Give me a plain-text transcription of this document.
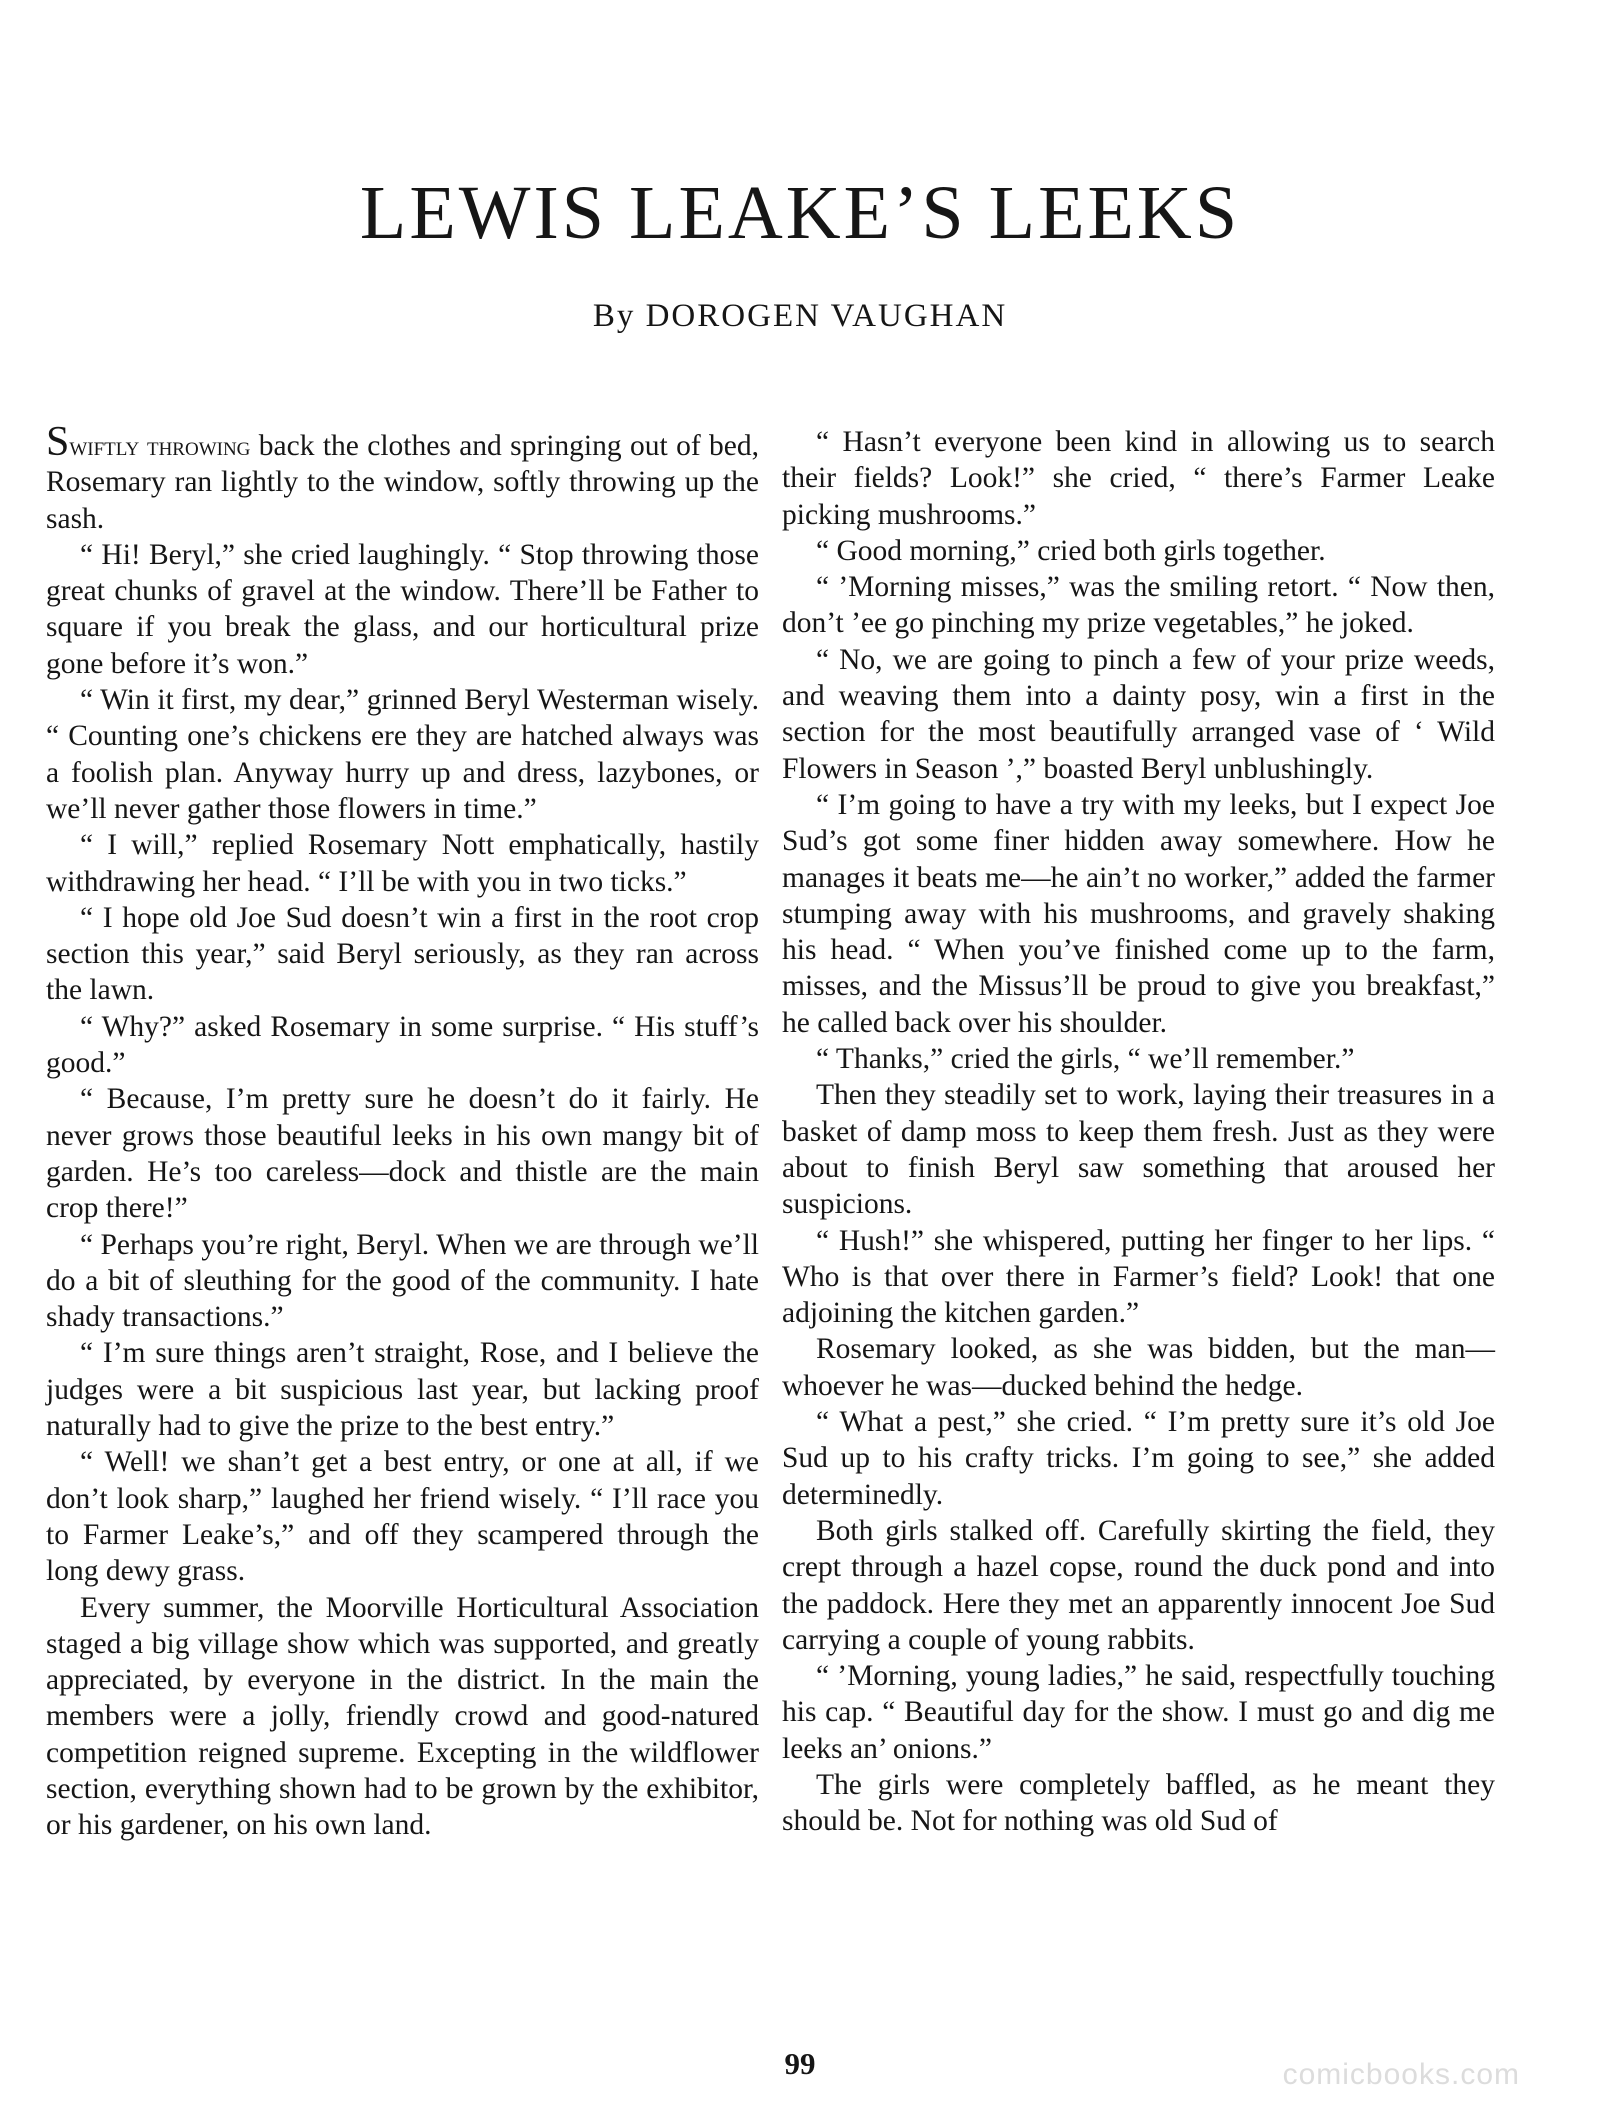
LEWIS LEAKE’S LEEKS
By DOROGEN VAUGHAN

Swiftly throwing back the clothes and springing out of bed, Rosemary ran lightly to the window, softly throwing up the sash.

“ Hi! Beryl,” she cried laughingly. “ Stop throwing those great chunks of gravel at the window. There’ll be Father to square if you break the glass, and our horticultural prize gone before it’s won.”

“ Win it first, my dear,” grinned Beryl Westerman wisely. “ Counting one’s chickens ere they are hatched always was a foolish plan. Anyway hurry up and dress, lazybones, or we’ll never gather those flowers in time.”

“ I will,” replied Rosemary Nott emphatically, hastily withdrawing her head. “ I’ll be with you in two ticks.”

“ I hope old Joe Sud doesn’t win a first in the root crop section this year,” said Beryl seriously, as they ran across the lawn.

“ Why?” asked Rosemary in some surprise. “ His stuff’s good.”

“ Because, I’m pretty sure he doesn’t do it fairly. He never grows those beautiful leeks in his own mangy bit of garden. He’s too careless—dock and thistle are the main crop there!”

“ Perhaps you’re right, Beryl. When we are through we’ll do a bit of sleuthing for the good of the community. I hate shady transactions.”

“ I’m sure things aren’t straight, Rose, and I believe the judges were a bit suspicious last year, but lacking proof naturally had to give the prize to the best entry.”

“ Well! we shan’t get a best entry, or one at all, if we don’t look sharp,” laughed her friend wisely. “ I’ll race you to Farmer Leake’s,” and off they scampered through the long dewy grass.

Every summer, the Moorville Horticultural Association staged a big village show which was supported, and greatly appreciated, by everyone in the district. In the main the members were a jolly, friendly crowd and good-natured competition reigned supreme. Excepting in the wildflower section, everything shown had to be grown by the exhibitor, or his gardener, on his own land.

“ Hasn’t everyone been kind in allowing us to search their fields? Look!” she cried, “ there’s Farmer Leake picking mushrooms.”

“ Good morning,” cried both girls together.

“ ’Morning misses,” was the smiling retort. “ Now then, don’t ’ee go pinching my prize vegetables,” he joked.

“ No, we are going to pinch a few of your prize weeds, and weaving them into a dainty posy, win a first in the section for the most beautifully arranged vase of ‘ Wild Flowers in Season ’,” boasted Beryl unblushingly.

“ I’m going to have a try with my leeks, but I expect Joe Sud’s got some finer hidden away somewhere. How he manages it beats me—he ain’t no worker,” added the farmer stumping away with his mushrooms, and gravely shaking his head. “ When you’ve finished come up to the farm, misses, and the Missus’ll be proud to give you breakfast,” he called back over his shoulder.

“ Thanks,” cried the girls, “ we’ll remember.”

Then they steadily set to work, laying their treasures in a basket of damp moss to keep them fresh. Just as they were about to finish Beryl saw something that aroused her suspicions.

“ Hush!” she whispered, putting her finger to her lips. “ Who is that over there in Farmer’s field? Look! that one adjoining the kitchen garden.”

Rosemary looked, as she was bidden, but the man—whoever he was—ducked behind the hedge.

“ What a pest,” she cried. “ I’m pretty sure it’s old Joe Sud up to his crafty tricks. I’m going to see,” she added determinedly.

Both girls stalked off. Carefully skirting the field, they crept through a hazel copse, round the duck pond and into the paddock. Here they met an apparently innocent Joe Sud carrying a couple of young rabbits.

“ ’Morning, young ladies,” he said, respectfully touching his cap. “ Beautiful day for the show. I must go and dig me leeks an’ onions.”

The girls were completely baffled, as he meant they should be. Not for nothing was old Sud of

99	comicbooks.com
